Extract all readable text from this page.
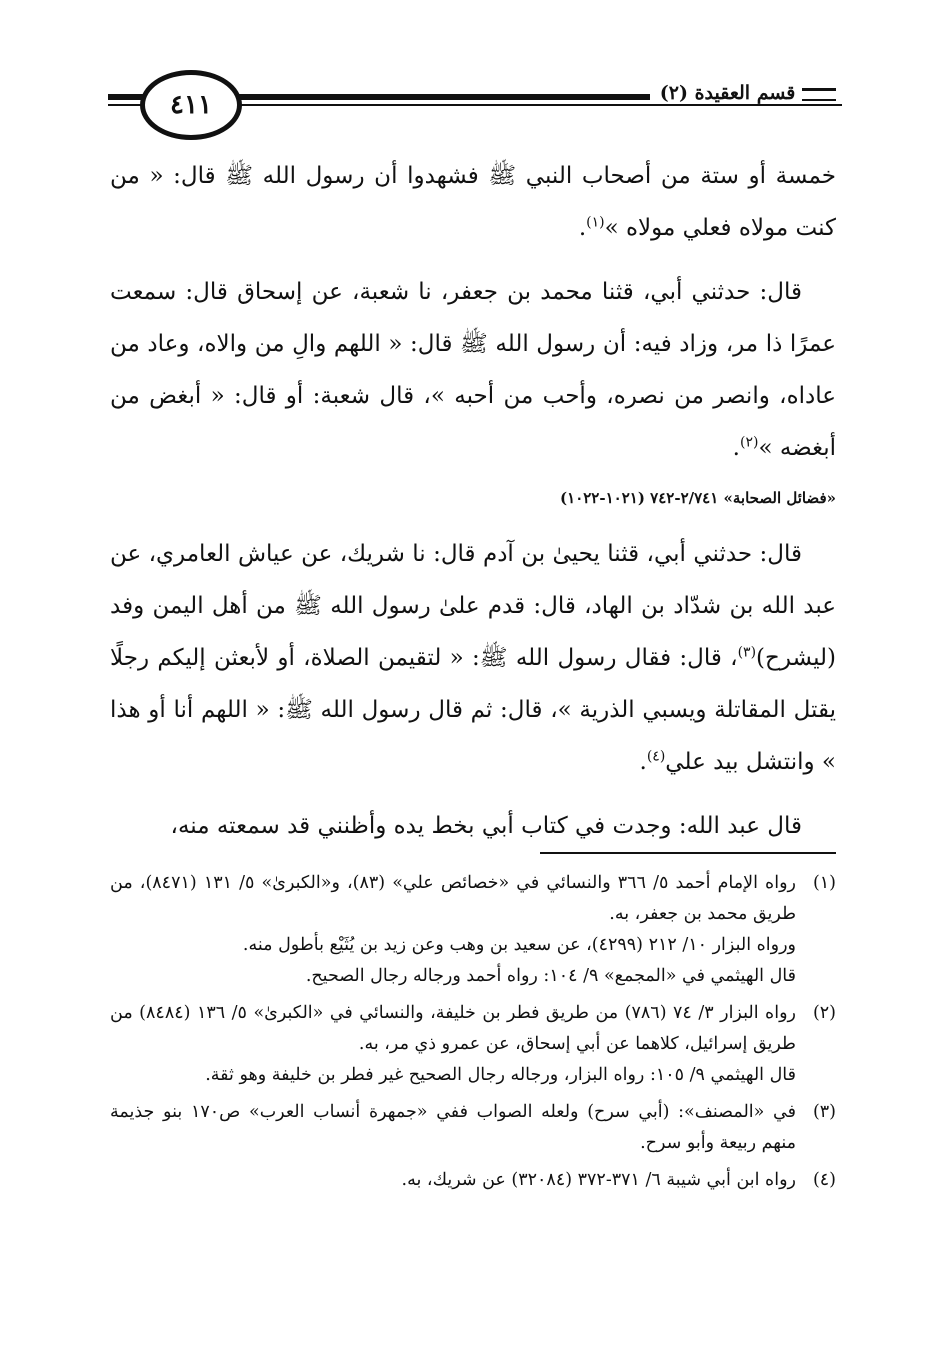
٤١١	قسم العقيدة (٢)

خمسة أو ستة من أصحاب النبي ﷺ فشهدوا أن رسول الله ﷺ قال: « من كنت مولاه فعلي مولاه »$^{(١)}$.

قال: حدثني أبي، قثنا محمد بن جعفر، نا شعبة، عن إسحاق قال: سمعت عمرًا ذا مر، وزاد فيه: أن رسول الله ﷺ قال: « اللهم والِ من والاه، وعاد من عاداه، وانصر من نصره، وأحب من أحبه »، قال شعبة: أو قال: « أبغض من أبغضه »$^{(٢)}$.

«فضائل الصحابة» ٢/٧٤١-٧٤٢ (١٠٢١-١٠٢٢)

قال: حدثني أبي، قثنا يحيىٰ بن آدم قال: نا شريك، عن عياش العامري، عن عبد الله بن شدّاد بن الهاد، قال: قدم علىٰ رسول الله ﷺ من أهل اليمن وفد (ليشرح)$^{(٣)}$، قال: فقال رسول الله ﷺ: « لتقيمن الصلاة، أو لأبعثن إليكم رجلًا يقتل المقاتلة ويسبي الذرية »، قال: ثم قال رسول الله ﷺ: « اللهم أنا أو هذا » وانتشل بيد علي$^{(٤)}$.

قال عبد الله: وجدت في كتاب أبي بخط يده وأظنني قد سمعته منه،

(١)
رواه الإمام أحمد ٥/ ٣٦٦ والنسائي في «خصائص علي» (٨٣)، و«الكبرىٰ» ٥/ ١٣١ (٨٤٧١)، من طريق محمد بن جعفر، به.
ورواه البزار ١٠/ ٢١٢ (٤٢٩٩)، عن سعيد بن وهب وعن زيد بن يُثَيْع بأطول منه.
قال الهيثمي في «المجمع» ٩/ ١٠٤: رواه أحمد ورجاله رجال الصحيح.
(٢)
رواه البزار ٣/ ٧٤ (٧٨٦) من طريق فطر بن خليفة، والنسائي في «الكبرىٰ» ٥/ ١٣٦ (٨٤٨٤) من طريق إسرائيل، كلاهما عن أبي إسحاق، عن عمرو ذي مر، به.
قال الهيثمي ٩/ ١٠٥: رواه البزار، ورجاله رجال الصحيح غير فطر بن خليفة وهو ثقة.
(٣)
في «المصنف»: (أبي سرح) ولعله الصواب ففي «جمهرة أنساب العرب» ص١٧٠ بنو جذيمة منهم ربيعة وأبو سرح.
(٤)
رواه ابن أبي شيبة ٦/ ٣٧١-٣٧٢ (٣٢٠٨٤) عن شريك، به.
